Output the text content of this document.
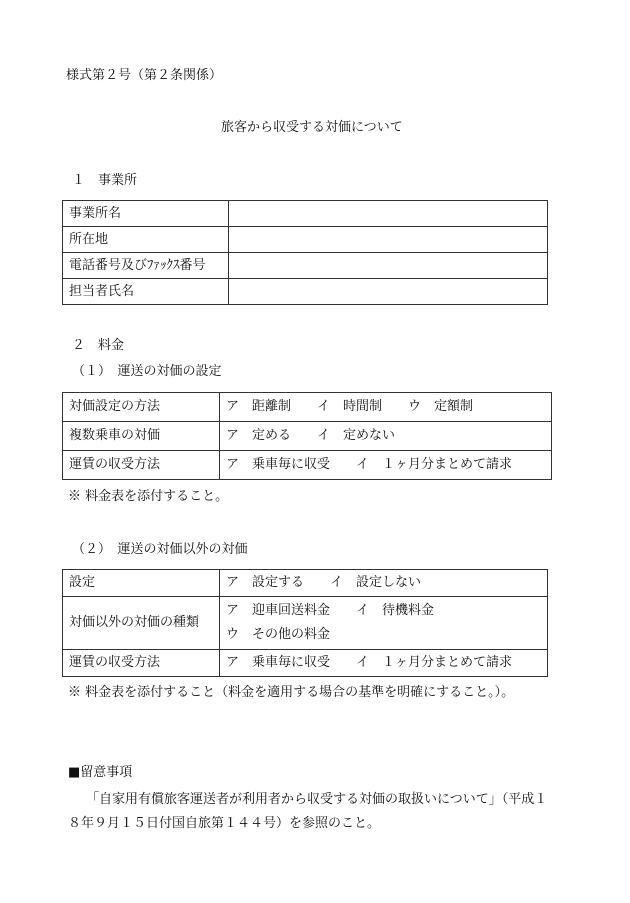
様式第２号（第２条関係）
旅客から収受する対価について
１　事業所
事業所名	
所在地	
電話番号及びﾌｧｯｸｽ番号	
担当者氏名	
２　料金
（１）　運送の対価の設定
対価設定の方法	ア　距離制　　イ　時間制　　ウ　定額制
複数乗車の対価	ア　定める　　イ　定めない
運賃の収受方法	ア　乗車毎に収受　　イ　１ヶ月分まとめて請求
※ 料金表を添付すること。
（２）　運送の対価以外の対価
設定	ア　設定する　　イ　設定しない
対価以外の対価の種類	ア　迎車回送料金　　イ　待機料金
ウ　その他の料金

運賃の収受方法	ア　乗車毎に収受　　イ　１ヶ月分まとめて請求
※ 料金表を添付すること（料金を適用する場合の基準を明確にすること。）。
■留意事項
「自家用有償旅客運送者が利用者から収受する対価の取扱いについて」（平成１
８年９月１５日付国自旅第１４４号）を参照のこと。
